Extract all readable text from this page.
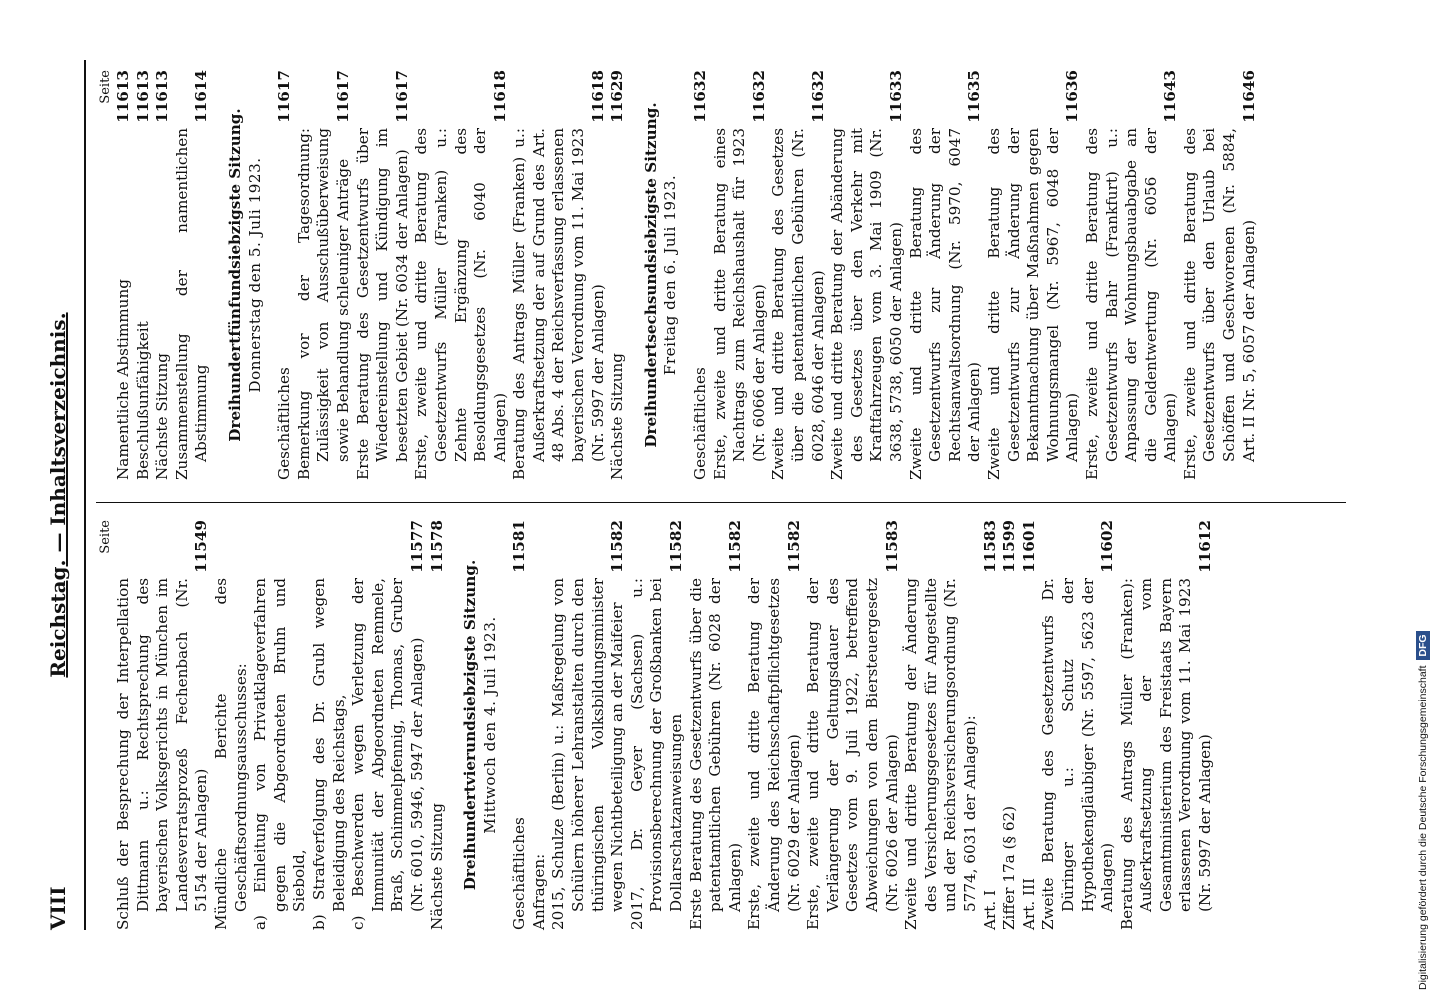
VIII
Reichstag. — Inhaltsverzeichnis. Seite
Schluß der Besprechung der Interpellation Dittmann u.: Rechtsprechung des bayerischen Volksgerichts in München im Landesverratsprozeß Fechenbach (Nr. 5154 der Anlagen)
11549
Mündliche Berichte des Geschäftsordnungsausschusses: a) Einleitung von Privatklageverfahren gegen die Abgeordneten Bruhn und Siebold, b) Strafverfolgung des Dr. Grubl wegen Beleidigung des Reichstags, c) Beschwerden wegen Verletzung der Immunität der Abgeordneten Remmele, Braß, Schimmelpfennig, Thomas, Gruber (Nr. 6010, 5946, 5947 der Anlagen)
11577
Nächste Sitzung
11578
Dreihundertvierundsiebzigste Sitzung. Mittwoch den 4. Juli 1923.
Geschäftliches
11581
Anfragen: 2015, Schulze (Berlin) u.: Maßregelung von Schülern höherer Lehranstalten durch den thüringischen Volksbildungsminister wegen Nichtbeteiligung an der Maifeier
11582
2017, Dr. Geyer (Sachsen) u.: Provisionsberechnung der Großbanken bei Dollarschatzanweisungen
11582
Erste Beratung des Gesetzentwurfs über die patentamtlichen Gebühren (Nr. 6028 der Anlagen)
11582
Erste, zweite und dritte Beratung der Änderung des Reichsschaftpflichtgesetzes (Nr. 6029 der Anlagen)
11582
Erste, zweite und dritte Beratung der Verlängerung der Geltungsdauer des Gesetzes vom 9. Juli 1922, betreffend Abweichungen von dem Biersteuergesetz (Nr. 6026 der Anlagen)
11583
Zweite und dritte Beratung der Änderung des Versicherungsgesetzes für Angestellte und der Reichsversicherungsordnung (Nr. 5774, 6031 der Anlagen): Art. I
11583
Ziffer 17a (§ 62)
11599
Art. III
11601
Zweite Beratung des Gesetzentwurfs Dr. Düringer u.: Schutz der Hypothekengläubiger (Nr. 5597, 5623 der Anlagen)
11602
Beratung des Antrags Müller (Franken): Außerkraftsetzung der vom Gesamtministerium des Freistaats Bayern erlassenen Verordnung vom 11. Mai 1923 (Nr. 5997 der Anlagen)
11612
Seite
Namentliche Abstimmung
11613
Beschlußunfähigkeit
11613
Nächste Sitzung
11613
Zusammenstellung der namentlichen Abstimmung
11614
Dreihundertfünfundsiebzigste Sitzung. Donnerstag den 5. Juli 1923.
Geschäftliches
11617
Bemerkung vor der Tagesordnung: Zulässigkeit von Ausschußüberweisung sowie Behandlung schleuniger Anträge
11617
Erste Beratung des Gesetzentwurfs über Wiedereinstellung und Kündigung im besetzten Gebiet (Nr. 6034 der Anlagen)
11617
Erste, zweite und dritte Beratung des Gesetzentwurfs Müller (Franken) u.: Zehnte Ergänzung des Besoldungsgesetzes (Nr. 6040 der Anlagen)
11618
Beratung des Antrags Müller (Franken) u.: Außerkraftsetzung der auf Grund des Art. 48 Abs. 4 der Reichsverfassung erlassenen bayerischen Verordnung vom 11. Mai 1923 (Nr. 5997 der Anlagen)
11618
Nächste Sitzung
11629
Dreihundertsechsundsiebzigste Sitzung. Freitag den 6. Juli 1923.
Geschäftliches
11632
Erste, zweite und dritte Beratung eines Nachtrags zum Reichshaushalt für 1923 (Nr. 6066 der Anlagen)
11632
Zweite und dritte Beratung des Gesetzes über die patentamtlichen Gebühren (Nr. 6028, 6046 der Anlagen)
11632
Zweite und dritte Beratung der Abänderung des Gesetzes über den Verkehr mit Kraftfahrzeugen vom 3. Mai 1909 (Nr. 3638, 5738, 6050 der Anlagen)
11633
Zweite und dritte Beratung des Gesetzentwurfs zur Änderung der Rechtsanwaltsordnung (Nr. 5970, 6047 der Anlagen)
11635
Zweite und dritte Beratung des Gesetzentwurfs zur Änderung der Bekanntmachung über Maßnahmen gegen Wohnungsmangel (Nr. 5967, 6048 der Anlagen)
11636
Erste, zweite und dritte Beratung des Gesetzentwurfs Bahr (Frankfurt) u.: Anpassung der Wohnungsbauabgabe an die Geldentwertung (Nr. 6056 der Anlagen)
11643
Erste, zweite und dritte Beratung des Gesetzentwurfs über den Urlaub bei Schöffen und Geschworenen (Nr. 5884, Art. II Nr. 5, 6057 der Anlagen)
11646
Digitalisierung gefördert durch die Deutsche Forschungsgemeinschaft DFG
